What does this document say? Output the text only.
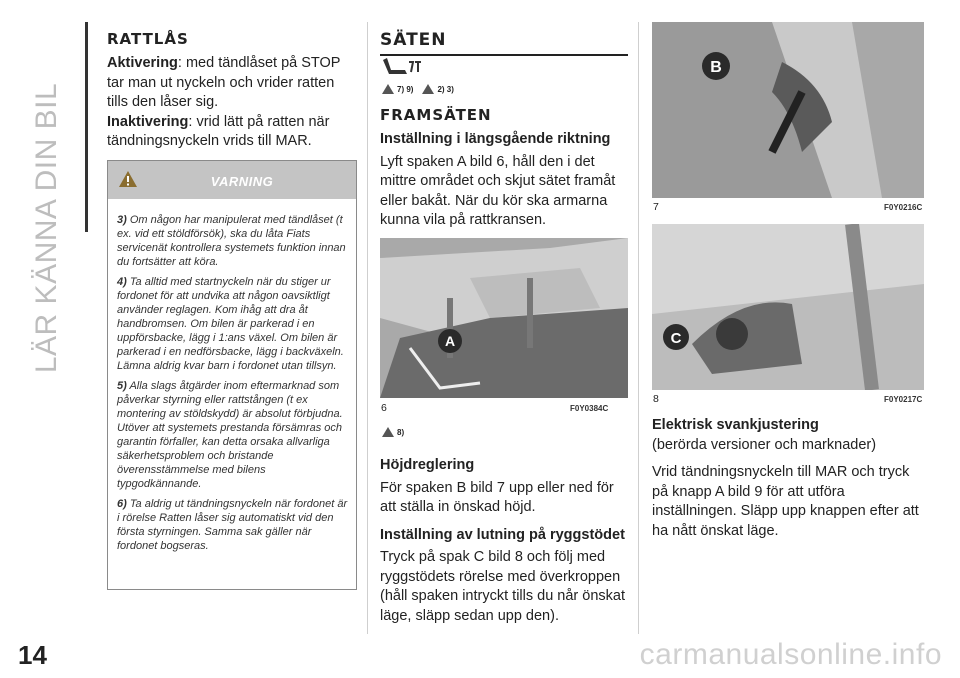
LÄR KÄNNA DIN BIL
14	carmanualsonline.info
RATTLÅS

Aktivering: med tändlåset på STOP tar man ut nyckeln och vrider ratten tills den låser sig.

Inaktivering: vrid lätt på ratten när tändningsnyckeln vrids till MAR.

VARNING

3) Om någon har manipulerat med tändlåset (t ex. vid ett stöldförsök), ska du låta Fiats servicenät kontrollera systemets funktion innan du fortsätter att köra.

4) Ta alltid med startnyckeln när du stiger ur fordonet för att undvika att någon oavsiktligt använder reglagen. Kom ihåg att dra åt handbromsen. Om bilen är parkerad i en uppförsbacke, lägg i 1:ans växel. Om bilen är parkerad i en nedförsbacke, lägg i backväxeln. Lämna aldrig kvar barn i fordonet utan tillsyn.

5) Alla slags åtgärder inom eftermarknad som påverkar styrning eller rattstången (t ex montering av stöldskydd) är absolut förbjudna. Utöver att systemets prestanda försämras och garantin förfaller, kan detta orsaka allvarliga säkerhetsproblem och bristande överensstämmelse med bilens typgodkännande.

6) Ta aldrig ut tändningsnyckeln när fordonet är i rörelse Ratten låser sig automatiskt vid den första styrningen. Samma sak gäller när fordonet bogseras.

SÄTEN
7) 9)	2) 3)
FRAMSÄTEN

Inställning i längsgående riktning

Lyft spaken A bild 6, håll den i det mittre området och skjut sätet framåt eller bakåt. När du kör ska armarna kunna vila på rattkransen.

A
6	F0Y0384C
8)

Höjdreglering

För spaken B bild 7 upp eller ned för att ställa in önskad höjd.

Inställning av lutning på ryggstödet

Tryck på spak C bild 8 och följ med ryggstödets rörelse med överkroppen (håll spaken intryckt tills du når önskat läge, släpp sedan upp den).

B
7	F0Y0216C
C
8	F0Y0217C

Elektrisk svankjustering

(berörda versioner och marknader)

Vrid tändningsnyckeln till MAR och tryck på knapp A bild 9 för att utföra inställningen. Släpp upp knappen efter att ha nått önskat läge.
